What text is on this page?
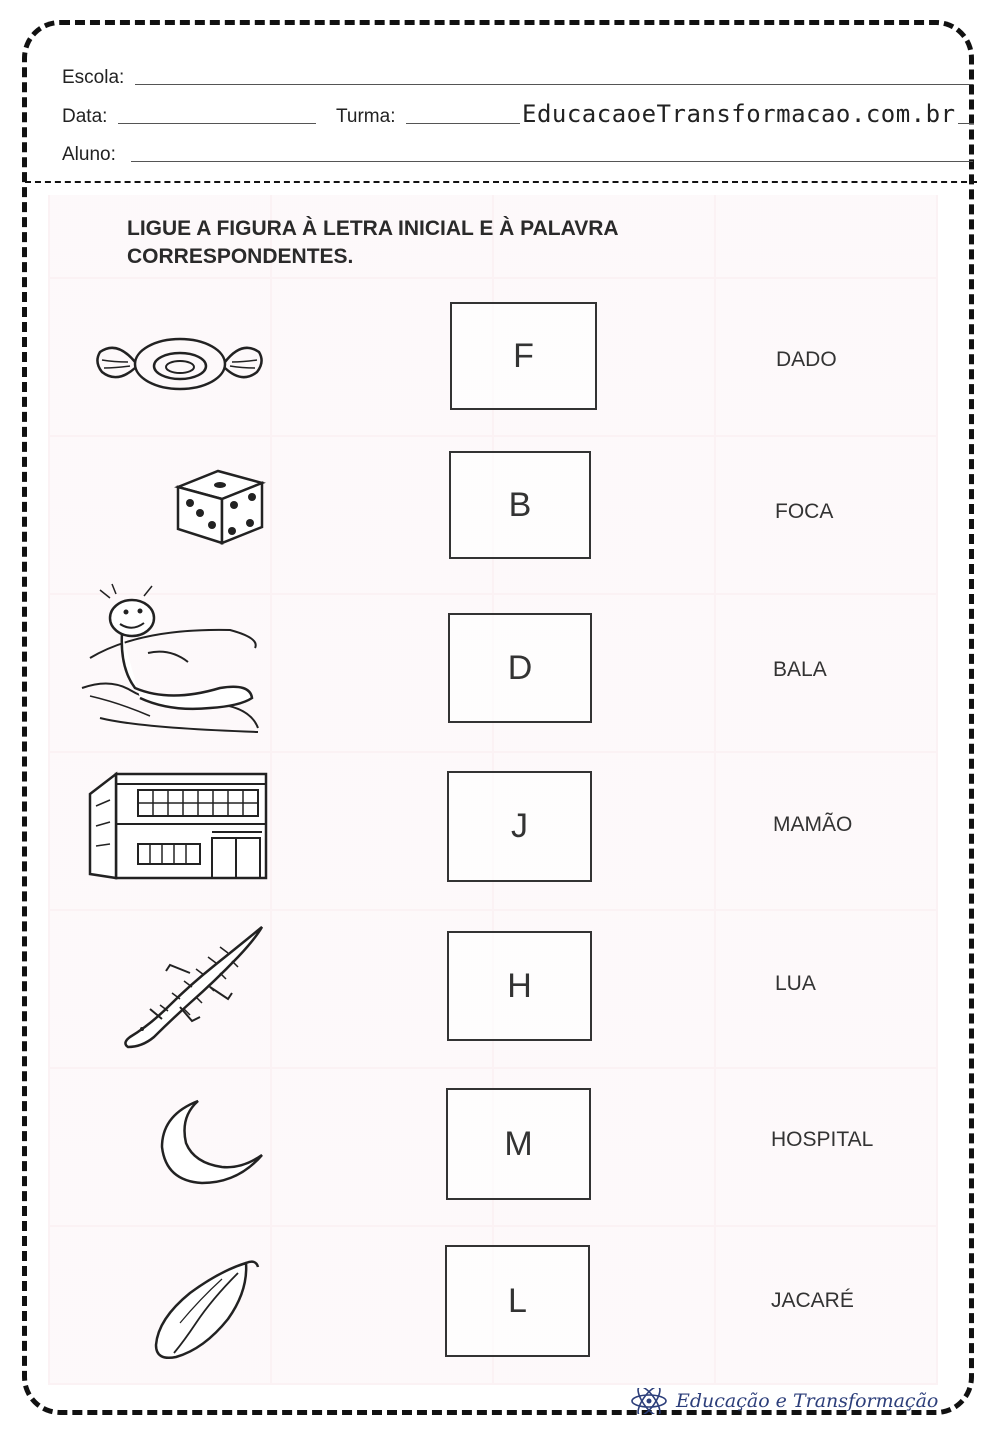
Escola:
Data:	Turma:	EducacaoeTransformacao.com.br
Aluno:
LIGUE A FIGURA À LETRA INICIAL E À PALAVRA
CORRESPONDENTES.
F	DADO
B	FOCA
D	BALA
J	MAMÃO
H	LUA
M	HOSPITAL
L	JACARÉ
Educação e Transformação
